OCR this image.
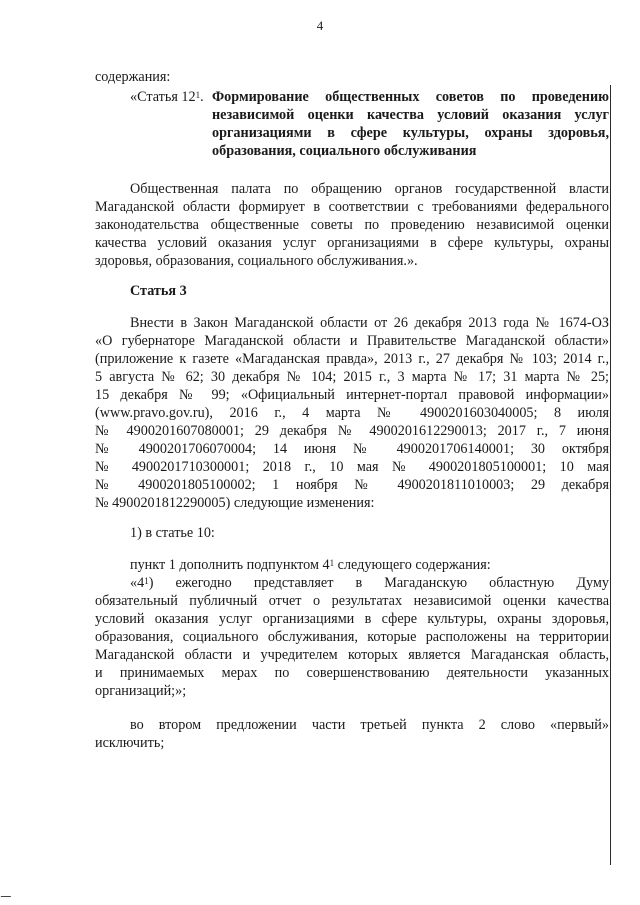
4
содержания:
«Статья $12^1$. Формирование общественных советов по проведению
независимой оценки качества условий оказания услуг
организациями в сфере культуры, охраны здоровья,
образования, социального обслуживания
Общественная палата по обращению органов государственной власти
Магаданской области формирует в соответствии с требованиями федерального
законодательства общественные советы по проведению независимой оценки
качества условий оказания услуг организациями в сфере культуры, охраны
здоровья, образования, социального обслуживания.».
Статья 3
Внести в Закон Магаданской области от 26 декабря 2013 года № 1674-ОЗ
«О губернаторе Магаданской области и Правительстве Магаданской области»
(приложение к газете «Магаданская правда», 2013 г., 27 декабря № 103; 2014 г.,
5 августа № 62; 30 декабря № 104; 2015 г., 3 марта № 17; 31 марта № 25;
15 декабря № 99; «Официальный интернет-портал правовой информации»
(www.pravo.gov.ru), 2016 г., 4 марта № 4900201603040005; 8 июля
№ 4900201607080001; 29 декабря № 4900201612290013; 2017 г., 7 июня
№ 4900201706070004; 14 июня № 4900201706140001; 30 октября
№ 4900201710300001; 2018 г., 10 мая № 4900201805100001; 10 мая
№ 4900201805100002; 1 ноября № 4900201811010003; 29 декабря
№ 4900201812290005) следующие изменения:
1) в статье 10:
пункт 1 дополнить подпунктом $4^1$ следующего содержания:
«$4^1$) ежегодно представляет в Магаданскую областную Думу
обязательный публичный отчет о результатах независимой оценки качества
условий оказания услуг организациями в сфере культуры, охраны здоровья,
образования, социального обслуживания, которые расположены на территории
Магаданской области и учредителем которых является Магаданская область,
и принимаемых мерах по совершенствованию деятельности указанных
организаций;»;
во втором предложении части третьей пункта 2 слово «первый»
исключить;
